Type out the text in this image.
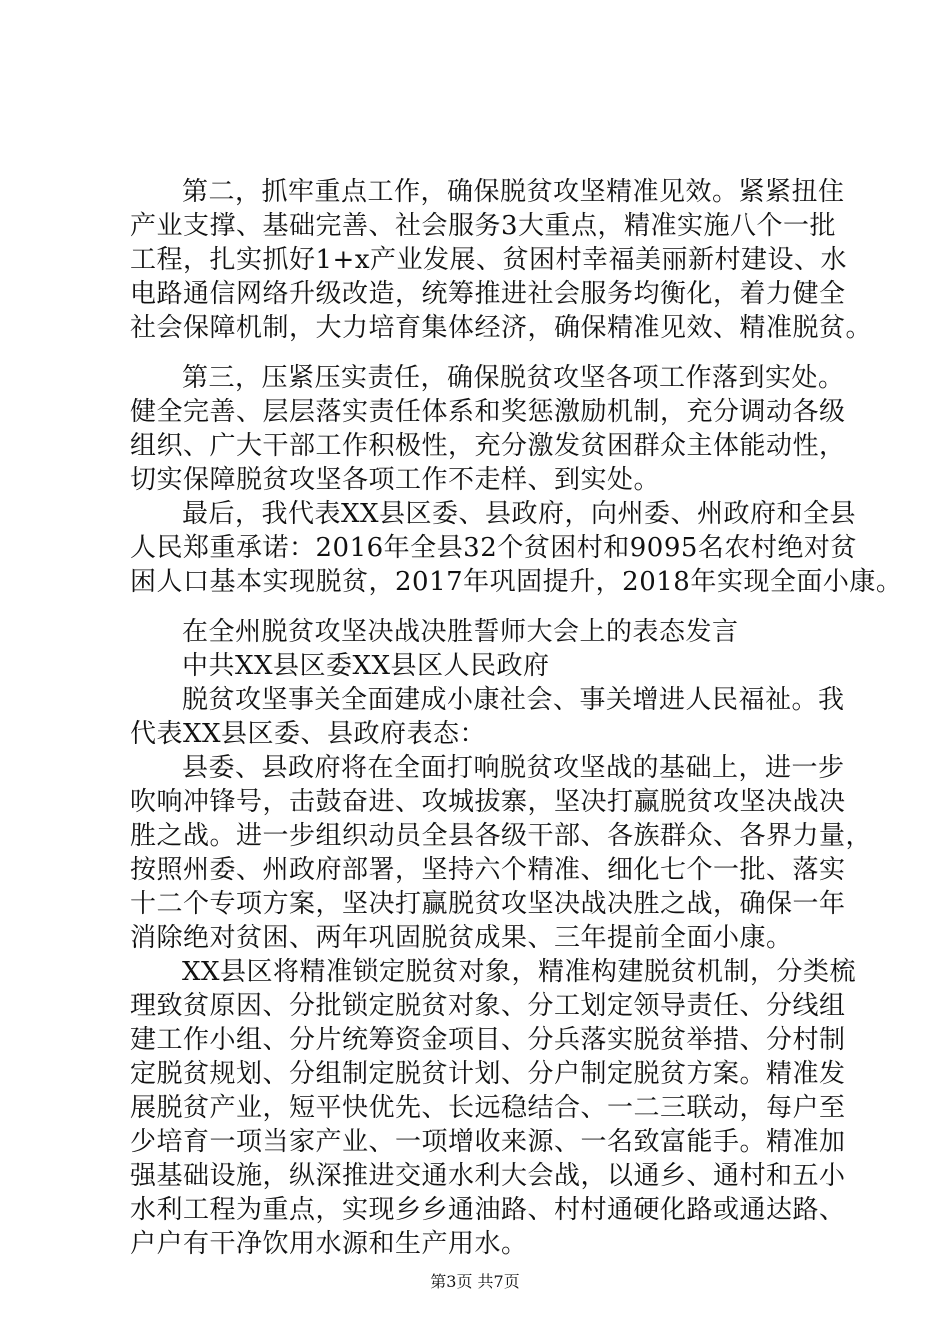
第二，抓牢重点工作，确保脱贫攻坚精准见效。紧紧扭住
产业支撑、基础完善、社会服务3大重点，精准实施八个一批
工程，扎实抓好1+x产业发展、贫困村幸福美丽新村建设、水
电路通信网络升级改造，统筹推进社会服务均衡化，着力健全
社会保障机制，大力培育集体经济，确保精准见效、精准脱贫。
第三，压紧压实责任，确保脱贫攻坚各项工作落到实处。
健全完善、层层落实责任体系和奖惩激励机制，充分调动各级
组织、广大干部工作积极性，充分激发贫困群众主体能动性，
切实保障脱贫攻坚各项工作不走样、到实处。
最后，我代表XX县区委、县政府，向州委、州政府和全县
人民郑重承诺：2016年全县32个贫困村和9095名农村绝对贫
困人口基本实现脱贫，2017年巩固提升，2018年实现全面小康。
在全州脱贫攻坚决战决胜誓师大会上的表态发言
中共XX县区委XX县区人民政府
脱贫攻坚事关全面建成小康社会、事关增进人民福祉。我
代表XX县区委、县政府表态：
县委、县政府将在全面打响脱贫攻坚战的基础上，进一步
吹响冲锋号，击鼓奋进、攻城拔寨，坚决打赢脱贫攻坚决战决
胜之战。进一步组织动员全县各级干部、各族群众、各界力量，
按照州委、州政府部署，坚持六个精准、细化七个一批、落实
十二个专项方案，坚决打赢脱贫攻坚决战决胜之战，确保一年
消除绝对贫困、两年巩固脱贫成果、三年提前全面小康。
XX县区将精准锁定脱贫对象，精准构建脱贫机制，分类梳
理致贫原因、分批锁定脱贫对象、分工划定领导责任、分线组
建工作小组、分片统筹资金项目、分兵落实脱贫举措、分村制
定脱贫规划、分组制定脱贫计划、分户制定脱贫方案。精准发
展脱贫产业，短平快优先、长远稳结合、一二三联动，每户至
少培育一项当家产业、一项增收来源、一名致富能手。精准加
强基础设施，纵深推进交通水利大会战，以通乡、通村和五小
水利工程为重点，实现乡乡通油路、村村通硬化路或通达路、
户户有干净饮用水源和生产用水。
第3页 共7页
